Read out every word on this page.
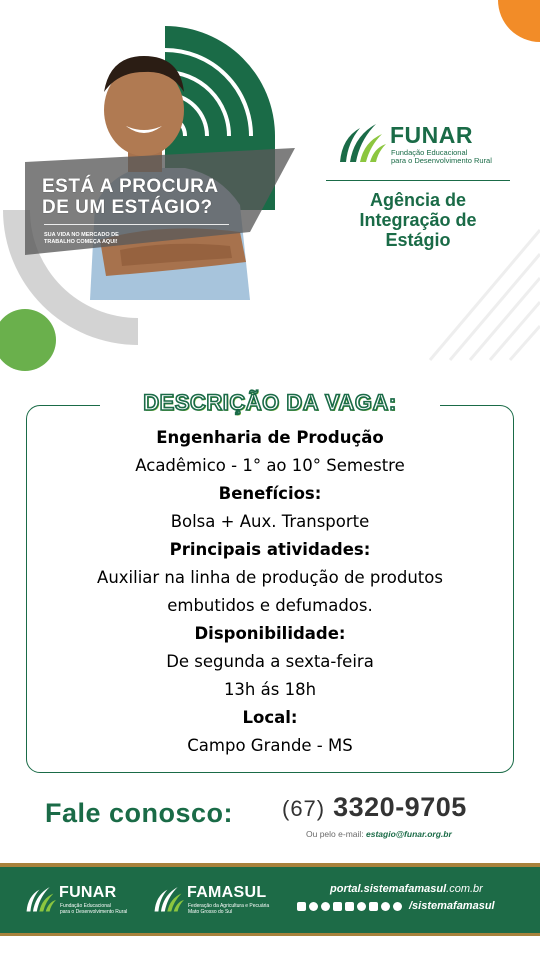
ESTÁ A PROCURA
DE UM ESTÁGIO?
SUA VIDA NO MERCADO DE TRABALHO COMEÇA AQUI!
FUNAR
Fundação Educacional
para o Desenvolvimento Rural
Agência de
Integração de
Estágio
DESCRIÇÃO DA VAGA:
Engenharia de Produção
Acadêmico - 1° ao 10° Semestre
Benefícios:
Bolsa + Aux. Transporte
Principais atividades:
Auxiliar na linha de produção de produtos
embutidos e defumados.
Disponibilidade:
De segunda a sexta-feira
13h ás 18h
Local:
Campo Grande - MS
Fale conosco: (67) 3320-9705
Ou pelo e-mail: estagio@funar.org.br
FUNAR
Fundação Educacional
para o Desenvolvimento Rural
FAMASUL
Federação da Agricultura e Pecuária
Mato Grosso do Sul
portal.sistemafamasul.com.br
/sistemafamasul
